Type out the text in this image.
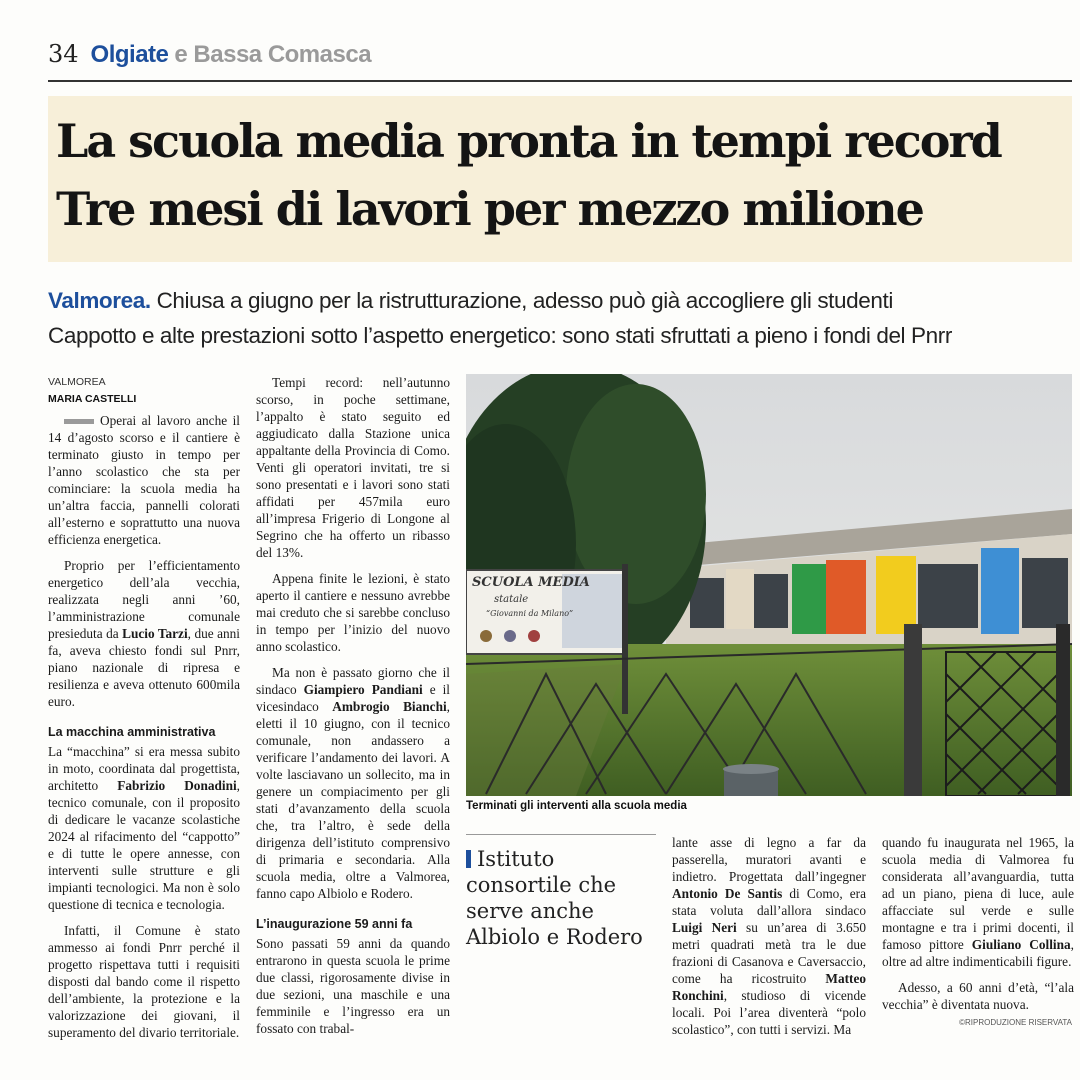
34 Olgiate e Bassa Comasca
La scuola media pronta in tempi record
Tre mesi di lavori per mezzo milione
Valmorea. Chiusa a giugno per la ristrutturazione, adesso può già accogliere gli studenti
Cappotto e alte prestazioni sotto l’aspetto energetico: sono stati sfruttati a pieno i fondi del Pnrr
VALMOREA
MARIA CASTELLI

Operai al lavoro anche il 14 d’agosto scorso e il cantiere è terminato giusto in tempo per l’anno scolastico che sta per cominciare: la scuola media ha un’altra faccia, pannelli colorati all’esterno e soprattutto una nuova efficienza energetica.

Proprio per l’efficientamento energetico dell’ala vecchia, realizzata negli anni ’60, l’amministrazione comunale presieduta da Lucio Tarzi, due anni fa, aveva chiesto fondi sul Pnrr, piano nazionale di ripresa e resilienza e aveva ottenuto 600mila euro.

La macchina amministrativa

La “macchina” si era messa subito in moto, coordinata dal progettista, architetto Fabrizio Donadini, tecnico comunale, con il proposito di dedicare le vacanze scolastiche 2024 al rifacimento del “cappotto” e di tutte le opere annesse, con interventi sulle strutture e gli impianti tecnologici. Ma non è solo questione di tecnica e tecnologia.

Infatti, il Comune è stato ammesso ai fondi Pnrr perché il progetto rispettava tutti i requisiti disposti dal bando come il rispetto dell’ambiente, la protezione e la valorizzazione dei giovani, il superamento del divario territoriale.

Tempi record: nell’autunno scorso, in poche settimane, l’appalto è stato seguito ed aggiudicato dalla Stazione unica appaltante della Provincia di Como. Venti gli operatori invitati, tre si sono presentati e i lavori sono stati affidati per 457mila euro all’impresa Frigerio di Longone al Segrino che ha offerto un ribasso del 13%.

Appena finite le lezioni, è stato aperto il cantiere e nessuno avrebbe mai creduto che si sarebbe concluso in tempo per l’inizio del nuovo anno scolastico.

Ma non è passato giorno che il sindaco Giampiero Pandiani e il vicesindaco Ambrogio Bianchi, eletti il 10 giugno, con il tecnico comunale, non andassero a verificare l’andamento dei lavori. A volte lasciavano un sollecito, ma in genere un compiacimento per gli stati d’avanzamento della scuola che, tra l’altro, è sede della dirigenza dell’istituto comprensivo di primaria e secondaria. Alla scuola media, oltre a Valmorea, fanno capo Albiolo e Rodero.

L’inaugurazione 59 anni fa

Sono passati 59 anni da quando entrarono in questa scuola le prime due classi, rigorosamente divise in due sezioni, una maschile e una femminile e l’ingresso era un fossato con trabal-

SCUOLA MEDIA
statale
“Giovanni da Milano”
Terminati gli interventi alla scuola media
Istituto consortile che serve anche Albiolo e Rodero

lante asse di legno a far da passerella, muratori avanti e indietro. Progettata dall’ingegner Antonio De Santis di Como, era stata voluta dall’allora sindaco Luigi Neri su un’area di 3.650 metri quadrati metà tra le due frazioni di Casanova e Caversaccio, come ha ricostruito Matteo Ronchini, studioso di vicende locali. Poi l’area diventerà “polo scolastico”, con tutti i servizi. Ma

quando fu inaugurata nel 1965, la scuola media di Valmorea fu considerata all’avanguardia, tutta ad un piano, piena di luce, aule affacciate sul verde e sulle montagne e tra i primi docenti, il famoso pittore Giuliano Collina, oltre ad altre indimenticabili figure.

Adesso, a 60 anni d’età, “l’ala vecchia” è diventata nuova.

©RIPRODUZIONE RISERVATA
